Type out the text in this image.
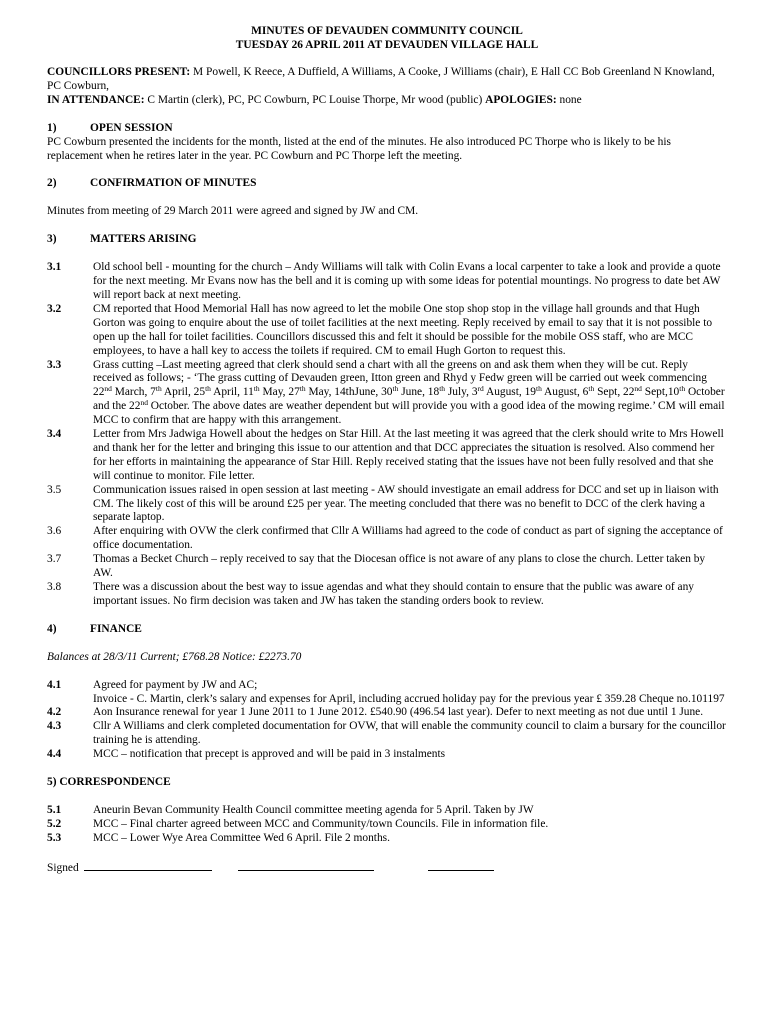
MINUTES OF DEVAUDEN COMMUNITY COUNCIL
TUESDAY 26 APRIL 2011 AT DEVAUDEN VILLAGE HALL

COUNCILLORS PRESENT: M Powell, K Reece, A Duffield, A Williams, A Cooke, J Williams (chair), E Hall CC Bob Greenland N Knowland, PC Cowburn,

IN ATTENDANCE: C Martin (clerk), PC, PC Cowburn, PC Louise Thorpe, Mr wood (public) APOLOGIES: none

1)	OPEN SESSION

PC Cowburn presented the incidents for the month, listed at the end of the minutes. He also introduced PC Thorpe who is likely to be his replacement when he retires later in the year. PC Cowburn and PC Thorpe left the meeting.

2)	CONFIRMATION OF MINUTES

Minutes from meeting of 29 March 2011 were agreed and signed by JW and CM.

3)	MATTERS ARISING
3.1	Old school bell - mounting for the church – Andy Williams will talk with Colin Evans a local carpenter to take a look and provide a quote for the next meeting. Mr Evans now has the bell and it is coming up with some ideas for potential mountings. No progress to date bet AW will report back at next meeting.
3.2	CM reported that Hood Memorial Hall has now agreed to let the mobile One stop shop stop in the village hall grounds and that Hugh Gorton was going to enquire about the use of toilet facilities at the next meeting. Reply received by email to say that it is not possible to open up the hall for toilet facilities. Councillors discussed this and felt it should be possible for the mobile OSS staff, who are MCC employees, to have a hall key to access the toilets if required. CM to email Hugh Gorton to request this.
3.3	Grass cutting –Last meeting agreed that clerk should send a chart with all the greens on and ask them when they will be cut. Reply received as follows; - ‘The grass cutting of Devauden green, Itton green and Rhyd y Fedw green will be carried out week commencing 22nd March, 7th April, 25th April, 11th May, 27th May, 14thJune, 30th June, 18th July, 3rd August, 19th August, 6th Sept, 22nd Sept,10th October and the 22nd October. The above dates are weather dependent but will provide you with a good idea of the mowing regime.’ CM will email MCC to confirm that are happy with this arrangement.
3.4	Letter from Mrs Jadwiga Howell about the hedges on Star Hill. At the last meeting it was agreed that the clerk should write to Mrs Howell and thank her for the letter and bringing this issue to our attention and that DCC appreciates the situation is resolved. Also commend her for her efforts in maintaining the appearance of Star Hill. Reply received stating that the issues have not been fully resolved and that she will continue to monitor. File letter.
3.5	Communication issues raised in open session at last meeting - AW should investigate an email address for DCC and set up in liaison with CM. The likely cost of this will be around £25 per year. The meeting concluded that there was no benefit to DCC of the clerk having a separate laptop.
3.6	After enquiring with OVW the clerk confirmed that Cllr A Williams had agreed to the code of conduct as part of signing the acceptance of office documentation.
3.7	Thomas a Becket Church – reply received to say that the Diocesan office is not aware of any plans to close the church. Letter taken by AW.
3.8	There was a discussion about the best way to issue agendas and what they should contain to ensure that the public was aware of any important issues. No firm decision was taken and JW has taken the standing orders book to review.
4)	FINANCE

Balances at 28/3/11 Current; £768.28 Notice: £2273.70

4.1	Agreed for payment by JW and AC;
Invoice - C. Martin, clerk’s salary and expenses for April, including accrued holiday pay for the previous year £ 359.28 Cheque no.101197
4.2	Aon Insurance renewal for year 1 June 2011 to 1 June 2012. £540.90 (496.54 last year). Defer to next meeting as not due until 1 June.
4.3	Cllr A Williams and clerk completed documentation for OVW, that will enable the community council to claim a bursary for the councillor training he is attending.
4.4	MCC – notification that precept is approved and will be paid in 3 instalments

5) CORRESPONDENCE

5.1	Aneurin Bevan Community Health Council committee meeting agenda for 5 April. Taken by JW
5.2	MCC – Final charter agreed between MCC and Community/town Councils. File in information file.
5.3	MCC – Lower Wye Area Committee Wed 6 April. File 2 months.

Signed
